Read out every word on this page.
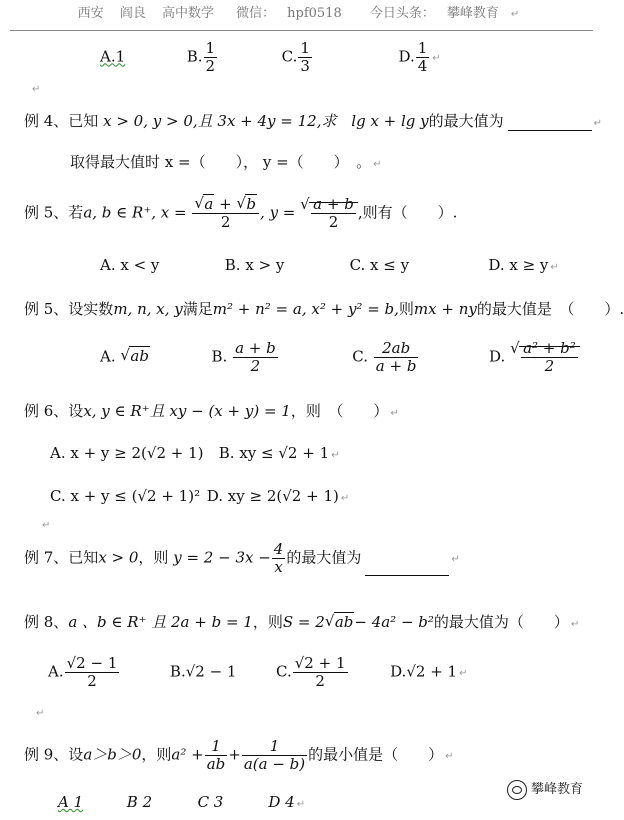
西安 阎良 高中数学 微信： hpf0518 今日头条： 攀峰教育 ↵
A.1	B. $\frac{1}{2}$	C. $\frac{1}{3}$	D. $\frac{1}{4}$ ↵
↵
例 4、已知 x > 0, y > 0,且 3x + 4y = 12,求 lg x + lg y的最大值为	↵
取得最大值时 x =（　　）， y =（　　）　。 ↵
例 5、若a, b ∈ R⁺, x = √ $\frac{a + √ b}{2}$ , y = √ $\frac{a + b}{2}$ ,则有（　　）.
A. x < y	B. x > y	C. x ≤ y	D. x ≥ y ↵
例 5、设实数m, n, x, y满足m² + n² = a, x² + y² = b,则mx + ny的最大值是　（　　）.
A. √ ab	B. $\frac{a + b}{2}$	C. $\frac{2ab}{a + b}$	D. √ $\frac{\text{a² + b²}}{2}$
例 6、设x, y ∈ R⁺且 xy − (x + y) = 1，则　（　　） ↵
A. x + y ≥ 2(√2 + 1) B. xy ≤ √2 + 1 ↵
C. x + y ≤ (√2 + 1)² D. xy ≥ 2(√2 + 1) ↵
↵
例 7、已知x > 0，则 $y = 2 - 3x - \frac{4}{x}$ 的最大值为	↵
例 8、a 、b ∈ R⁺ 且 2a + b = 1，则S = 2 √ ab− 4a² − b²的最大值为（　　） ↵
A. $\frac{√2 - 1}{2}$	B.√2 − 1	C. $\frac{√2 + 1}{2}$	D.√2 + 1 ↵
↵
例 9、设a＞b＞0，则$a^2 + \frac{1}{ab} + \frac{1}{a(a - b)}$ 的最小值是（　　） ↵
A 1	B 2	C 3	D 4 ↵
攀峰教育
